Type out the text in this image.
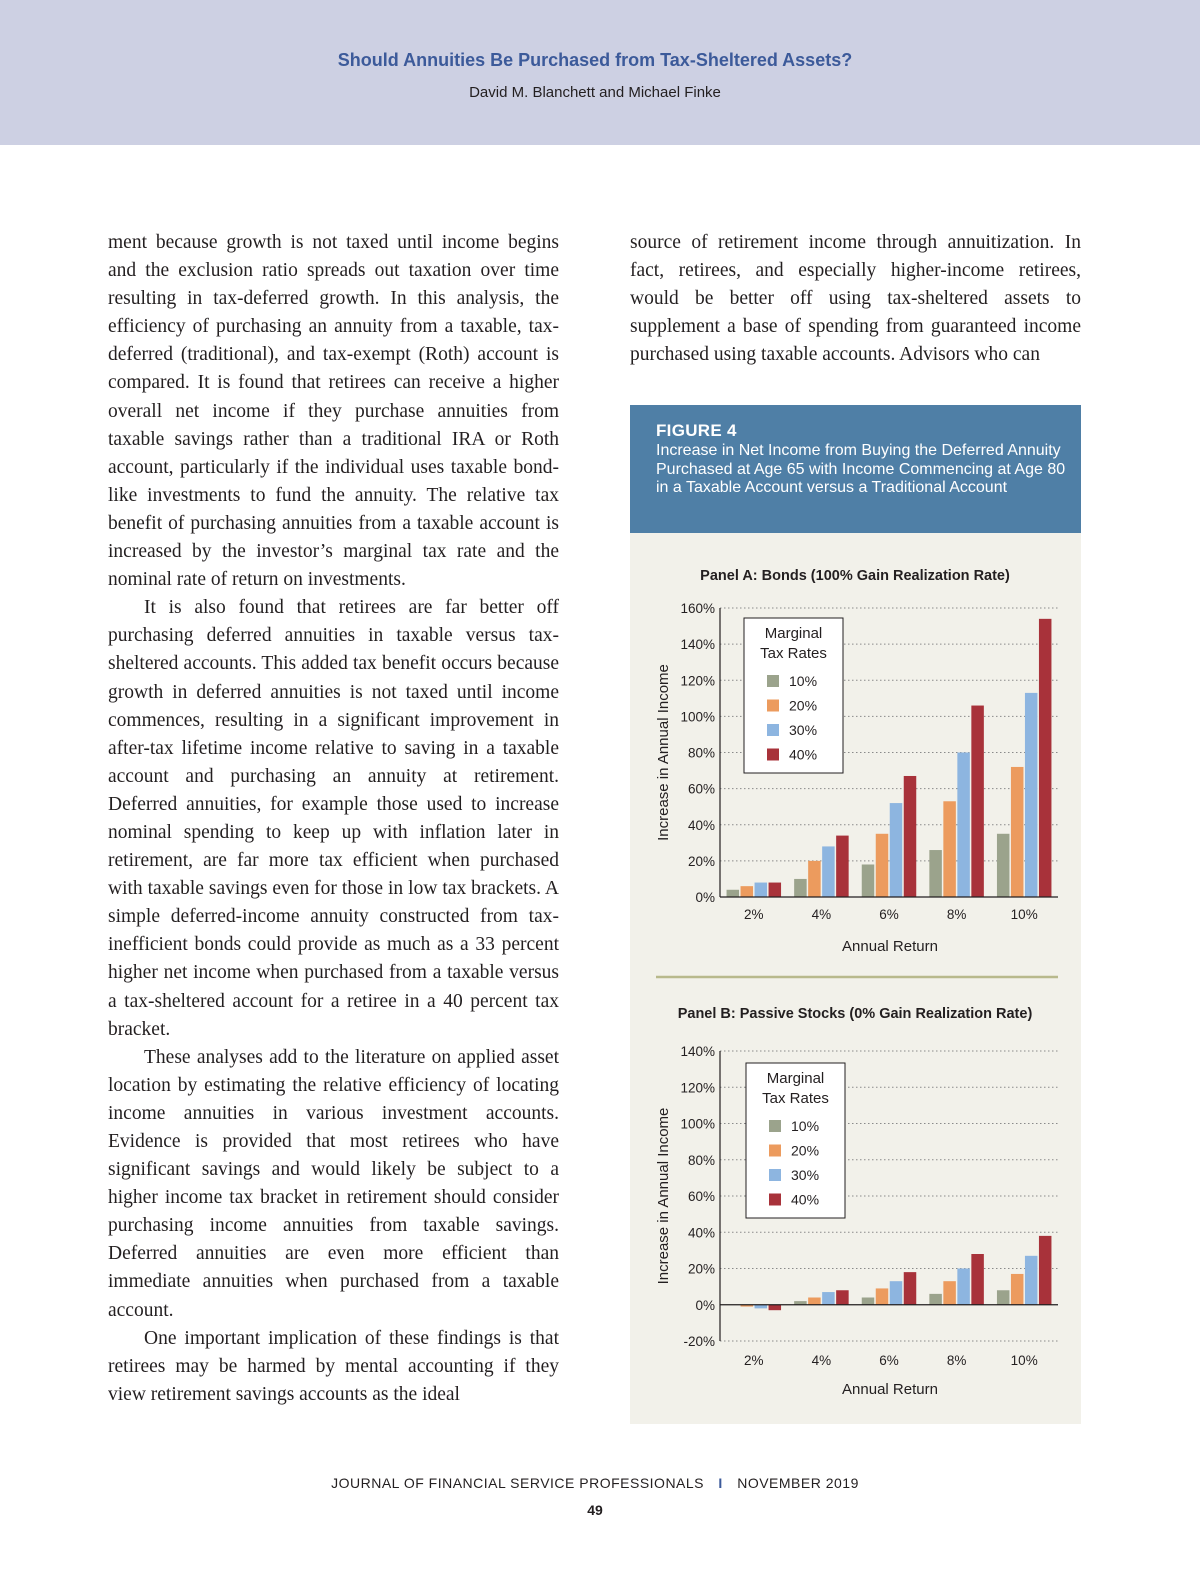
Should Annuities Be Purchased from Tax-Sheltered Assets?
David M. Blanchett and Michael Finke

ment because growth is not taxed until income begins and the exclusion ratio spreads out taxation over time resulting in tax-deferred growth. In this analysis, the efficiency of purchasing an annuity from a taxable, tax-deferred (traditional), and tax-exempt (Roth) account is compared. It is found that retirees can receive a higher overall net income if they purchase annuities from taxable savings rather than a traditional IRA or Roth account, particularly if the individual uses taxable bond-like investments to fund the annuity. The relative tax benefit of purchasing annuities from a taxable account is increased by the investor’s marginal tax rate and the nominal rate of return on investments.

It is also found that retirees are far better off purchasing deferred annuities in taxable versus tax-sheltered accounts. This added tax benefit occurs because growth in deferred annuities is not taxed until income commences, resulting in a significant improvement in after-tax lifetime income relative to saving in a taxable account and purchasing an annuity at retirement. Deferred annuities, for example those used to increase nominal spending to keep up with inflation later in retirement, are far more tax efficient when purchased with taxable savings even for those in low tax brackets. A simple deferred-income annuity constructed from tax-inefficient bonds could provide as much as a 33 percent higher net income when purchased from a taxable versus a tax-sheltered account for a retiree in a 40 percent tax bracket.

These analyses add to the literature on applied asset location by estimating the relative efficiency of locating income annuities in various investment accounts. Evidence is provided that most retirees who have significant savings and would likely be subject to a higher income tax bracket in retirement should consider purchasing income annuities from taxable savings. Deferred annuities are even more efficient than immediate annuities when purchased from a taxable account.

One important implication of these findings is that retirees may be harmed by mental accounting if they view retirement savings accounts as the ideal

source of retirement income through annuitization. In fact, retirees, and especially higher-income retirees, would be better off using tax-sheltered assets to supplement a base of spending from guaranteed income purchased using taxable accounts. Advisors who can

FIGURE 4
Increase in Net Income from Buying the Deferred Annuity Purchased at Age 65 with Income Commencing at Age 80 in a Taxable Account versus a Traditional Account
Panel A: Bonds (100% Gain Realization Rate)
0%
20%
40%
60%
80%
100%
120%
140%
160%
Increase in Annual Income
2%	4%	6%	8%	10%
Annual Return
Marginal
Tax Rates
10%
20%
30%
40%
Panel B: Passive Stocks (0% Gain Realization Rate)
-20%
0%
20%
40%
60%
80%
100%
120%
140%
Increase in Annual Income
2%	4%	6%	8%	10%
Annual Return
Marginal
Tax Rates
10%
20%
30%
40%
JOURNAL OF FINANCIAL SERVICE PROFESSIONALS I NOVEMBER 2019
49
